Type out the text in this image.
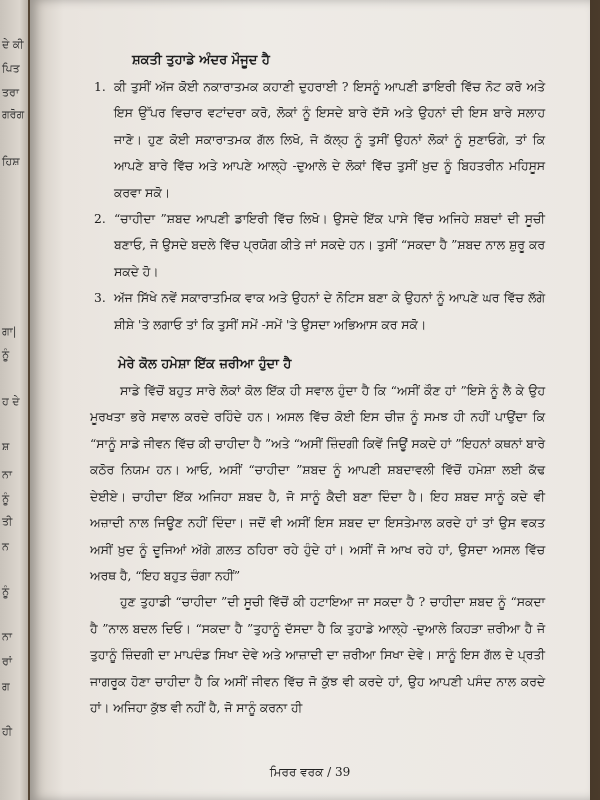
ਦੇ ਕੀ
ਪਿਤ
ਤਰਾ
ਗਰੋਗ
ਹਿਸ਼
ਗਾ|
ਨੂੰ
ਹ ਦੇ
ਸ਼
ਨਾ
ਨੂੰ
ਤੀ
ਨ
ਨੂੰ
ਨਾ
ਰਾਂ
ਗ
ਹੀ

ਸ਼ਕਤੀ ਤੁਹਾਡੇ ਅੰਦਰ ਮੌਜੂਦ ਹੈ

1. ਕੀ ਤੁਸੀਂ ਅੱਜ ਕੋਈ ਨਕਾਰਾਤਮਕ ਕਹਾਣੀ ਦੁਹਰਾਈ ? ਇਸਨੂੰ ਆਪਣੀ ਡਾਇਰੀ ਵਿੱਚ ਨੋਟ ਕਰੋ ਅਤੇ ਇਸ ਉੱਪਰ ਵਿਚਾਰ ਵਟਾਂਦਰਾ ਕਰੋ, ਲੋਕਾਂ ਨੂੰ ਇਸਦੇ ਬਾਰੇ ਦੱਸੋ ਅਤੇ ਉਹਨਾਂ ਦੀ ਇਸ ਬਾਰੇ ਸਲਾਹ ਜਾਣੋ। ਹੁਣ ਕੋਈ ਸਕਾਰਾਤਮਕ ਗੱਲ ਲਿਖੋ, ਜੋ ਕੱਲ੍ਹ ਨੂੰ ਤੁਸੀਂ ਉਹਨਾਂ ਲੋਕਾਂ ਨੂੰ ਸੁਣਾਓਗੇ, ਤਾਂ ਕਿ ਆਪਣੇ ਬਾਰੇ ਵਿੱਚ ਅਤੇ ਆਪਣੇ ਆਲ੍ਹੇ -ਦੁਆਲੇ ਦੇ ਲੋਕਾਂ ਵਿੱਚ ਤੁਸੀਂ ਖ਼ੁਦ ਨੂੰ ਬਿਹਤਰੀਨ ਮਹਿਸੂਸ ਕਰਵਾ ਸਕੋ।

2. “ਚਾਹੀਦਾ ”ਸ਼ਬਦ ਆਪਣੀ ਡਾਇਰੀ ਵਿੱਚ ਲਿਖੋ। ਉਸਦੇ ਇੱਕ ਪਾਸੇ ਵਿੱਚ ਅਜਿਹੇ ਸ਼ਬਦਾਂ ਦੀ ਸੂਚੀ ਬਣਾਓ, ਜੋ ਉਸਦੇ ਬਦਲੇ ਵਿੱਚ ਪ੍ਰਯੋਗ ਕੀਤੇ ਜਾਂ ਸਕਦੇ ਹਨ। ਤੁਸੀਂ “ਸਕਦਾ ਹੈ ”ਸ਼ਬਦ ਨਾਲ ਸ਼ੁਰੂ ਕਰ ਸਕਦੇ ਹੋ।

3. ਅੱਜ ਸਿੱਖੇ ਨਵੇਂ ਸਕਾਰਾਤਮਿਕ ਵਾਕ ਅਤੇ ਉਹਨਾਂ ਦੇ ਨੋਟਿਸ ਬਣਾ ਕੇ ਉਹਨਾਂ ਨੂੰ ਆਪਣੇ ਘਰ ਵਿੱਚ ਲੱਗੇ ਸ਼ੀਸ਼ੇ 'ਤੇ ਲਗਾਓ ਤਾਂ ਕਿ ਤੁਸੀਂ ਸਮੇਂ -ਸਮੇਂ 'ਤੇ ਉਸਦਾ ਅਭਿਆਸ ਕਰ ਸਕੋ।

ਮੇਰੇ ਕੋਲ ਹਮੇਸ਼ਾ ਇੱਕ ਜ਼ਰੀਆ ਹੁੰਦਾ ਹੈ

ਸਾਡੇ ਵਿੱਚੋਂ ਬਹੁਤ ਸਾਰੇ ਲੋਕਾਂ ਕੋਲ ਇੱਕ ਹੀ ਸਵਾਲ ਹੁੰਦਾ ਹੈ ਕਿ “ਅਸੀਂ ਕੌਣ ਹਾਂ ”ਇਸੇ ਨੂੰ ਲੈ ਕੇ ਉਹ ਮੂਰਖਤਾ ਭਰੇ ਸਵਾਲ ਕਰਦੇ ਰਹਿੰਦੇ ਹਨ। ਅਸਲ ਵਿੱਚ ਕੋਈ ਇਸ ਚੀਜ਼ ਨੂੰ ਸਮਝ ਹੀ ਨਹੀਂ ਪਾਉਂਦਾ ਕਿ “ਸਾਨੂੰ ਸਾਡੇ ਜੀਵਨ ਵਿੱਚ ਕੀ ਚਾਹੀਦਾ ਹੈ ”ਅਤੇ “ਅਸੀਂ ਜ਼ਿੰਦਗੀ ਕਿਵੇਂ ਜਿਊਂ ਸਕਦੇ ਹਾਂ ”ਇਹਨਾਂ ਕਥਨਾਂ ਬਾਰੇ ਕਠੋਰ ਨਿਯਮ ਹਨ। ਆਓ, ਅਸੀਂ “ਚਾਹੀਦਾ ”ਸ਼ਬਦ ਨੂੰ ਆਪਣੀ ਸ਼ਬਦਾਵਲੀ ਵਿੱਚੋਂ ਹਮੇਸ਼ਾ ਲਈ ਕੱਢ ਦੇਈਏ। ਚਾਹੀਦਾ ਇੱਕ ਅਜਿਹਾ ਸ਼ਬਦ ਹੈ, ਜੋ ਸਾਨੂੰ ਕੈਦੀ ਬਣਾ ਦਿੰਦਾ ਹੈ। ਇਹ ਸ਼ਬਦ ਸਾਨੂੰ ਕਦੇ ਵੀ ਅਜ਼ਾਦੀ ਨਾਲ ਜਿਊਣ ਨਹੀਂ ਦਿੰਦਾ। ਜਦੋਂ ਵੀ ਅਸੀਂ ਇਸ ਸ਼ਬਦ ਦਾ ਇਸਤੇਮਾਲ ਕਰਦੇ ਹਾਂ ਤਾਂ ਉਸ ਵਕਤ ਅਸੀਂ ਖ਼ੁਦ ਨੂੰ ਦੂਜਿਆਂ ਅੱਗੇ ਗ਼ਲਤ ਠਹਿਰਾ ਰਹੇ ਹੁੰਦੇ ਹਾਂ। ਅਸੀਂ ਜੋ ਆਖ ਰਹੇ ਹਾਂ, ਉਸਦਾ ਅਸਲ ਵਿੱਚ ਅਰਥ ਹੈ, “ਇਹ ਬਹੁਤ ਚੰਗਾ ਨਹੀਂ”

ਹੁਣ ਤੁਹਾਡੀ “ਚਾਹੀਦਾ ”ਦੀ ਸੂਚੀ ਵਿੱਚੋਂ ਕੀ ਹਟਾਇਆ ਜਾ ਸਕਦਾ ਹੈ ? ਚਾਹੀਦਾ ਸ਼ਬਦ ਨੂੰ “ਸਕਦਾ ਹੈ ”ਨਾਲ ਬਦਲ ਦਿਓ। “ਸਕਦਾ ਹੈ ”ਤੁਹਾਨੂੰ ਦੱਸਦਾ ਹੈ ਕਿ ਤੁਹਾਡੇ ਆਲ੍ਹੇ -ਦੁਆਲੇ ਕਿਹੜਾ ਜ਼ਰੀਆ ਹੈ ਜੋ ਤੁਹਾਨੂੰ ਜ਼ਿੰਦਗੀ ਦਾ ਮਾਪਦੰਡ ਸਿਖਾ ਦੇਵੇ ਅਤੇ ਆਜ਼ਾਦੀ ਦਾ ਜ਼ਰੀਆ ਸਿਖਾ ਦੇਵੇ। ਸਾਨੂੰ ਇਸ ਗੱਲ ਦੇ ਪ੍ਰਤੀ ਜਾਗਰੂਕ ਹੋਣਾ ਚਾਹੀਦਾ ਹੈ ਕਿ ਅਸੀਂ ਜੀਵਨ ਵਿੱਚ ਜੋ ਕੁੱਝ ਵੀ ਕਰਦੇ ਹਾਂ, ਉਹ ਆਪਣੀ ਪਸੰਦ ਨਾਲ ਕਰਦੇ ਹਾਂ। ਅਜਿਹਾ ਕੁੱਝ ਵੀ ਨਹੀਂ ਹੈ, ਜੋ ਸਾਨੂੰ ਕਰਨਾ ਹੀ

ਮਿਰਰ ਵਰਕ / 39
